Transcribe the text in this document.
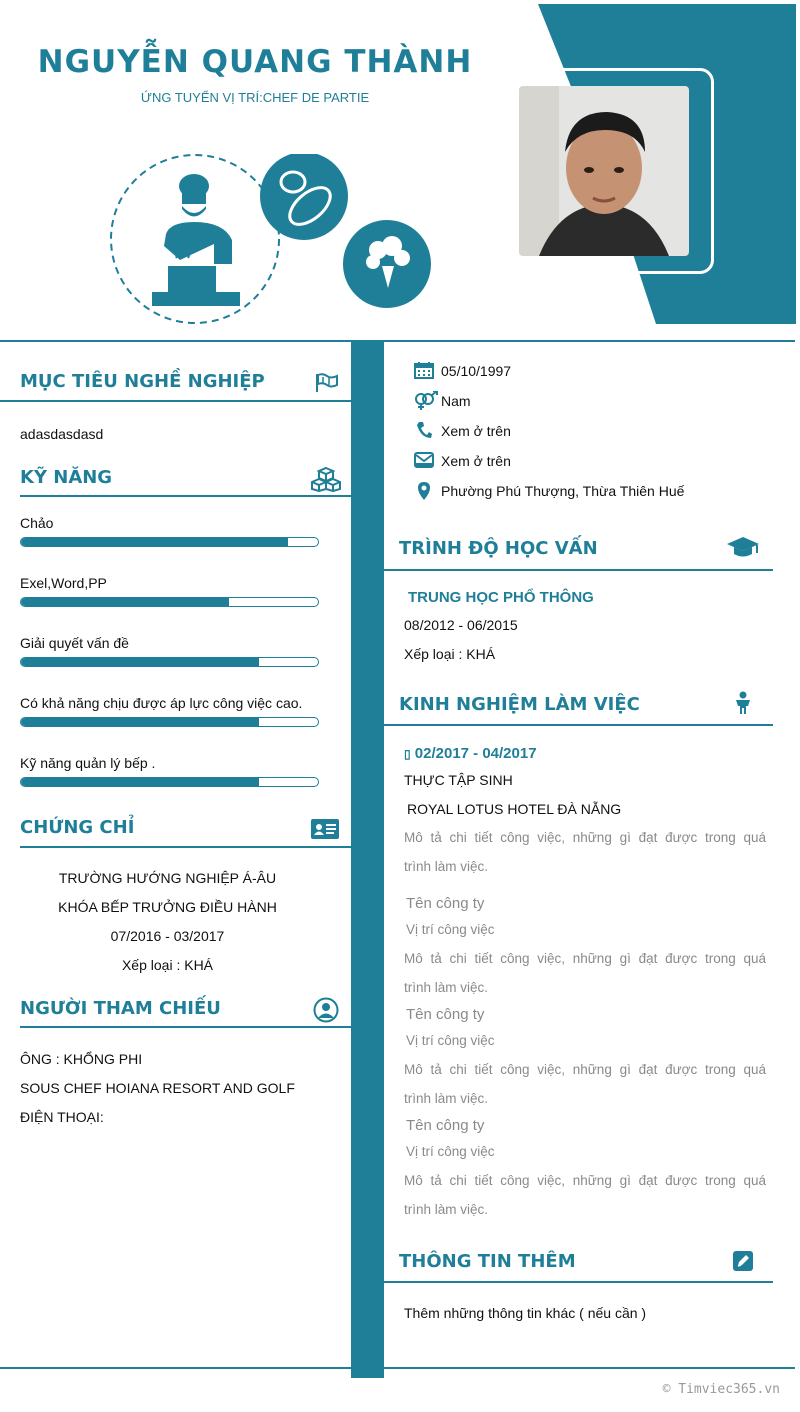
NGUYỄN QUANG THÀNH
ỨNG TUYỂN VỊ TRÍ:CHEF DE PARTIE
MỤC TIÊU NGHỀ NGHIỆP
adasdasdasd
KỸ NĂNG
Chảo
Exel,Word,PP
Giải quyết vấn đề
Có khả năng chịu được áp lực công việc cao.
Kỹ năng quản lý bếp .
CHỨNG CHỈ
TRƯỜNG HƯỚNG NGHIỆP Á-ÂU
KHÓA BẾP TRƯỞNG ĐIỀU HÀNH
07/2016 - 03/2017
Xếp loại : KHÁ
NGƯỜI THAM CHIẾU
ÔNG : KHỔNG PHI
SOUS CHEF HOIANA RESORT AND GOLF
ĐIỆN THOẠI:
05/10/1997
Nam
Xem ở trên
Xem ở trên
Phường Phú Thượng, Thừa Thiên Huế
TRÌNH ĐỘ HỌC VẤN
TRUNG HỌC PHỔ THÔNG
08/2012 - 06/2015
Xếp loại : KHÁ
KINH NGHIỆM LÀM VIỆC
▯ 02/2017 - 04/2017
THỰC TẬP SINH
ROYAL LOTUS HOTEL ĐÀ NẴNG
Mô tả chi tiết công việc, những gì đạt được trong quá
trình làm việc.
Tên công ty
Vị trí công việc
Mô tả chi tiết công việc, những gì đạt được trong quá
trình làm việc.
Tên công ty
Vị trí công việc
Mô tả chi tiết công việc, những gì đạt được trong quá
trình làm việc.
Tên công ty
Vị trí công việc
Mô tả chi tiết công việc, những gì đạt được trong quá
trình làm việc.
THÔNG TIN THÊM
Thêm những thông tin khác ( nếu cần )
© Timviec365.vn
